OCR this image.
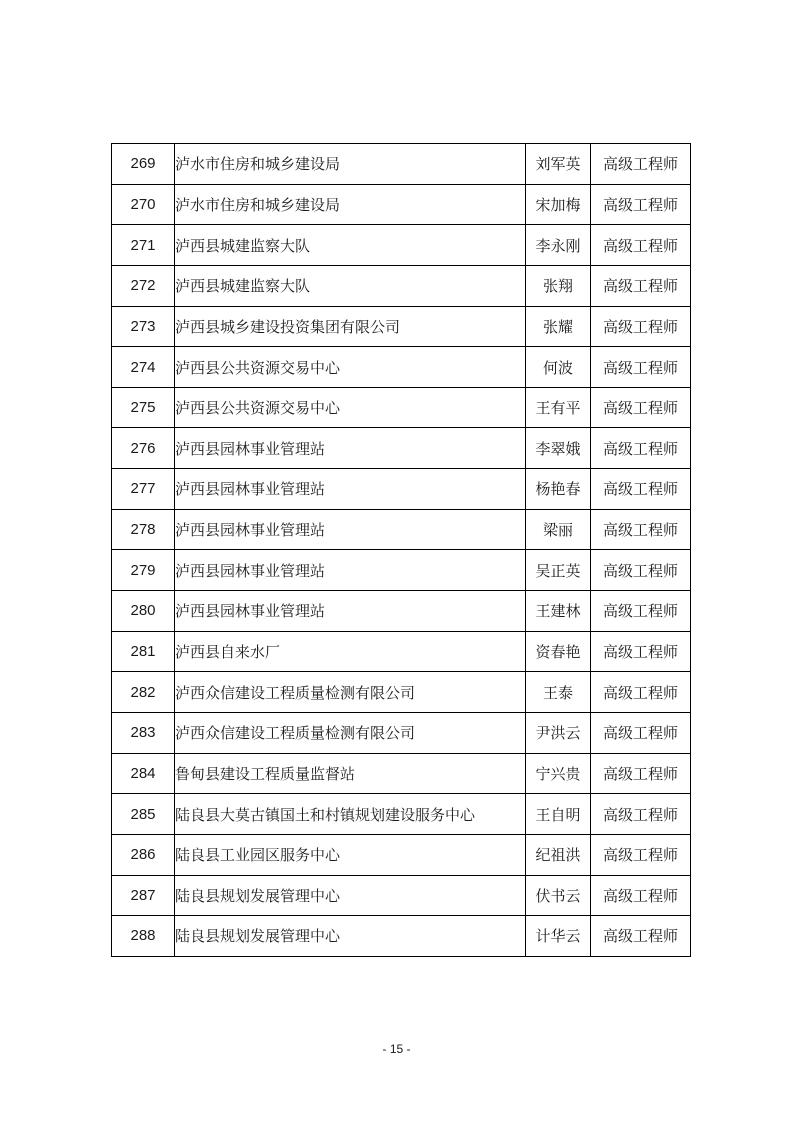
269	泸水市住房和城乡建设局	刘军英	高级工程师
270	泸水市住房和城乡建设局	宋加梅	高级工程师
271	泸西县城建监察大队	李永刚	高级工程师
272	泸西县城建监察大队	张翔	高级工程师
273	泸西县城乡建设投资集团有限公司	张耀	高级工程师
274	泸西县公共资源交易中心	何波	高级工程师
275	泸西县公共资源交易中心	王有平	高级工程师
276	泸西县园林事业管理站	李翠娥	高级工程师
277	泸西县园林事业管理站	杨艳春	高级工程师
278	泸西县园林事业管理站	梁丽	高级工程师
279	泸西县园林事业管理站	吴正英	高级工程师
280	泸西县园林事业管理站	王建林	高级工程师
281	泸西县自来水厂	资春艳	高级工程师
282	泸西众信建设工程质量检测有限公司	王泰	高级工程师
283	泸西众信建设工程质量检测有限公司	尹洪云	高级工程师
284	鲁甸县建设工程质量监督站	宁兴贵	高级工程师
285	陆良县大莫古镇国土和村镇规划建设服务中心	王自明	高级工程师
286	陆良县工业园区服务中心	纪祖洪	高级工程师
287	陆良县规划发展管理中心	伏书云	高级工程师
288	陆良县规划发展管理中心	计华云	高级工程师
- 15 -
